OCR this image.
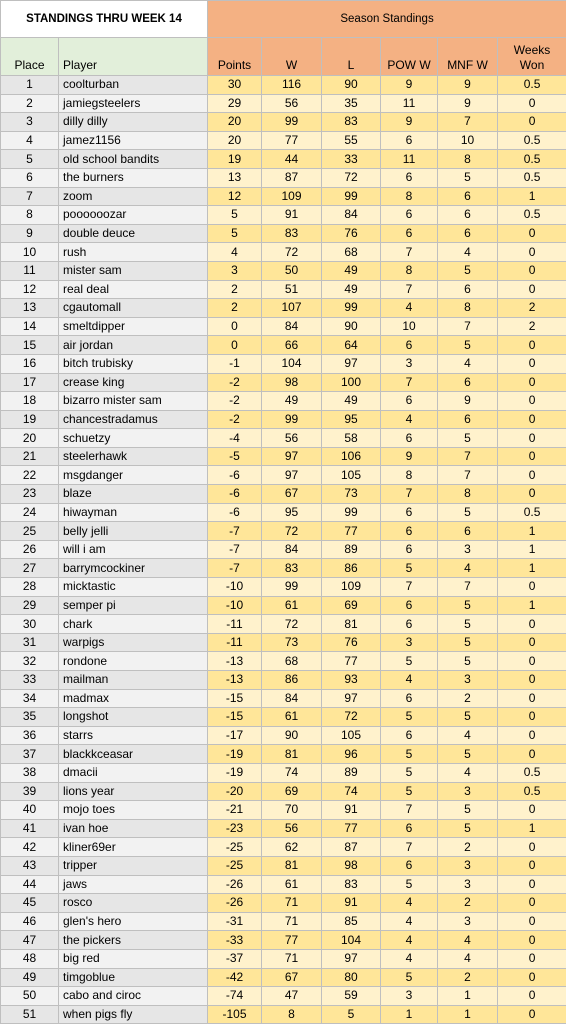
STANDINGS THRU WEEK 14		Season Standings					
Place	Player	Points	W	L	POW W	MNF W	Weeks
Won
1	coolturban	30	116	90	9	9	0.5
2	jamiegsteelers	29	56	35	11	9	0
3	dilly dilly	20	99	83	9	7	0
4	jamez1156	20	77	55	6	10	0.5
5	old school bandits	19	44	33	11	8	0.5
6	the burners	13	87	72	6	5	0.5
7	zoom	12	109	99	8	6	1
8	poooooozar	5	91	84	6	6	0.5
9	double deuce	5	83	76	6	6	0
10	rush	4	72	68	7	4	0
11	mister sam	3	50	49	8	5	0
12	real deal	2	51	49	7	6	0
13	cgautomall	2	107	99	4	8	2
14	smeltdipper	0	84	90	10	7	2
15	air jordan	0	66	64	6	5	0
16	bitch trubisky	-1	104	97	3	4	0
17	crease king	-2	98	100	7	6	0
18	bizarro mister sam	-2	49	49	6	9	0
19	chancestradamus	-2	99	95	4	6	0
20	schuetzy	-4	56	58	6	5	0
21	steelerhawk	-5	97	106	9	7	0
22	msgdanger	-6	97	105	8	7	0
23	blaze	-6	67	73	7	8	0
24	hiwayman	-6	95	99	6	5	0.5
25	belly jelli	-7	72	77	6	6	1
26	will i am	-7	84	89	6	3	1
27	barrymcockiner	-7	83	86	5	4	1
28	micktastic	-10	99	109	7	7	0
29	semper pi	-10	61	69	6	5	1
30	chark	-11	72	81	6	5	0
31	warpigs	-11	73	76	3	5	0
32	rondone	-13	68	77	5	5	0
33	mailman	-13	86	93	4	3	0
34	madmax	-15	84	97	6	2	0
35	longshot	-15	61	72	5	5	0
36	starrs	-17	90	105	6	4	0
37	blackkceasar	-19	81	96	5	5	0
38	dmacii	-19	74	89	5	4	0.5
39	lions year	-20	69	74	5	3	0.5
40	mojo toes	-21	70	91	7	5	0
41	ivan hoe	-23	56	77	6	5	1
42	kliner69er	-25	62	87	7	2	0
43	tripper	-25	81	98	6	3	0
44	jaws	-26	61	83	5	3	0
45	rosco	-26	71	91	4	2	0
46	glen's hero	-31	71	85	4	3	0
47	the pickers	-33	77	104	4	4	0
48	big red	-37	71	97	4	4	0
49	timgoblue	-42	67	80	5	2	0
50	cabo and ciroc	-74	47	59	3	1	0
51	when pigs fly	-105	8	5	1	1	0
